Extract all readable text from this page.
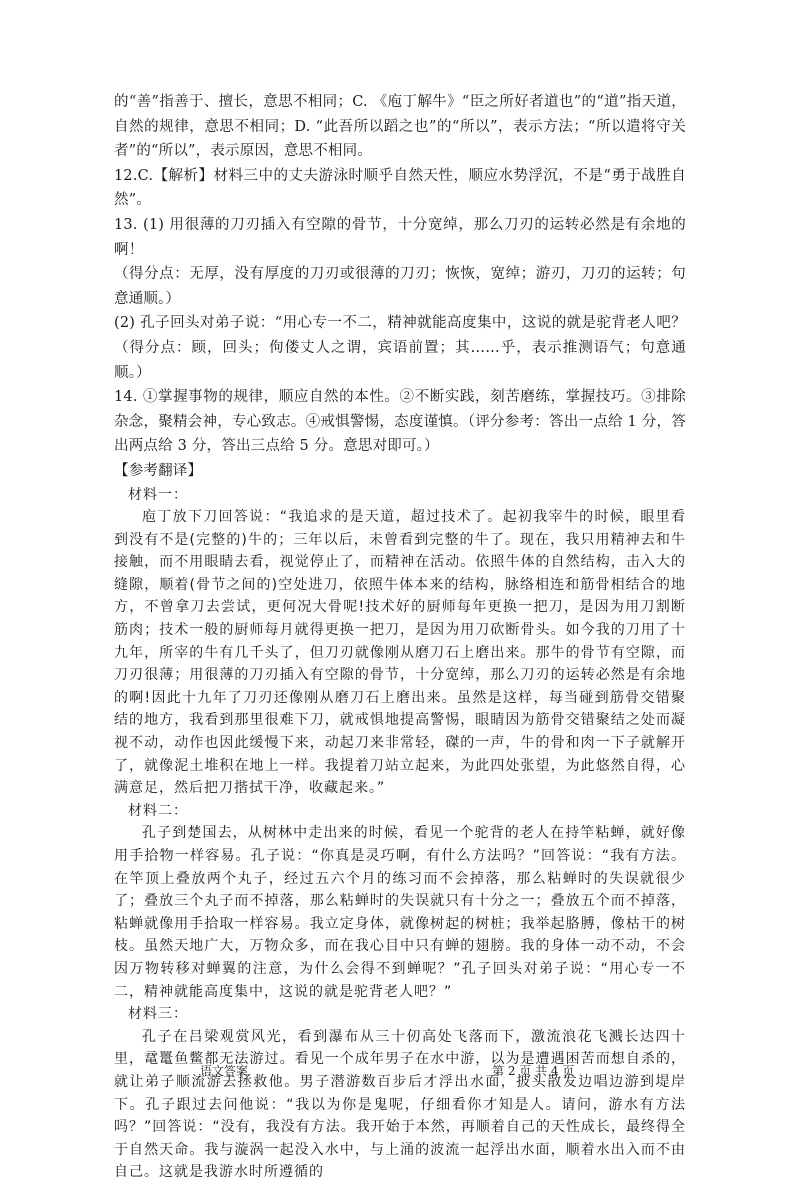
的“善”指善于、擅长，意思不相同；C. 《庖丁解牛》“臣之所好者道也”的“道”指天道，自然的规律，意思不相同；D. “此吾所以蹈之也”的“所以”，表示方法；“所以遣将守关者”的“所以”，表示原因，意思不相同。

12.C.【解析】材料三中的丈夫游泳时顺乎自然天性，顺应水势浮沉，不是“勇于战胜自然”。

13. (1) 用很薄的刀刃插入有空隙的骨节，十分宽绰，那么刀刃的运转必然是有余地的啊！

（得分点：无厚，没有厚度的刀刃或很薄的刀刃；恢恢，宽绰；游刃，刀刃的运转；句意通顺。）

(2) 孔子回头对弟子说：“用心专一不二，精神就能高度集中，这说的就是驼背老人吧？（得分点：顾，回头；佝偻丈人之谓，宾语前置；其……乎，表示推测语气；句意通顺。）

14. ①掌握事物的规律，顺应自然的本性。②不断实践，刻苦磨练，掌握技巧。③排除杂念，聚精会神，专心致志。④戒惧警惕，态度谨慎。（评分参考：答出一点给 1 分，答出两点给 3 分，答出三点给 5 分。意思对即可。）

【参考翻译】

材料一：

庖丁放下刀回答说：“我追求的是天道，超过技术了。起初我宰牛的时候，眼里看到没有不是(完整的)牛的；三年以后，未曾看到完整的牛了。现在，我只用精神去和牛接触，而不用眼睛去看，视觉停止了，而精神在活动。依照牛体的自然结构，击入大的缝隙，顺着(骨节之间的)空处进刀，依照牛体本来的结构，脉络相连和筋骨相结合的地方，不曾拿刀去尝试，更何况大骨呢!技术好的厨师每年更换一把刀，是因为用刀割断筋肉；技术一般的厨师每月就得更换一把刀，是因为用刀砍断骨头。如今我的刀用了十九年，所宰的牛有几千头了，但刀刃就像刚从磨刀石上磨出来。那牛的骨节有空隙，而刀刃很薄；用很薄的刀刃插入有空隙的骨节，十分宽绰，那么刀刃的运转必然是有余地的啊!因此十九年了刀刃还像刚从磨刀石上磨出来。虽然是这样，每当碰到筋骨交错聚结的地方，我看到那里很难下刀，就戒惧地提高警惕，眼睛因为筋骨交错聚结之处而凝视不动，动作也因此缓慢下来，动起刀来非常轻，磔的一声，牛的骨和肉一下子就解开了，就像泥土堆积在地上一样。我提着刀站立起来，为此四处张望，为此悠然自得，心满意足，然后把刀揩拭干净，收藏起来。”

材料二：

孔子到楚国去，从树林中走出来的时候，看见一个驼背的老人在持竿粘蝉，就好像用手拾物一样容易。孔子说：“你真是灵巧啊，有什么方法吗？”回答说：“我有方法。在竿顶上叠放两个丸子，经过五六个月的练习而不会掉落，那么粘蝉时的失误就很少了；叠放三个丸子而不掉落，那么粘蝉时的失误就只有十分之一；叠放五个而不掉落，粘蝉就像用手拾取一样容易。我立定身体，就像树起的树桩；我举起胳膊，像枯干的树枝。虽然天地广大，万物众多，而在我心目中只有蝉的翅膀。我的身体一动不动，不会因万物转移对蝉翼的注意，为什么会得不到蝉呢？”孔子回头对弟子说：“用心专一不二，精神就能高度集中，这说的就是驼背老人吧？”

材料三：

孔子在吕梁观赏风光，看到瀑布从三十仞高处飞落而下，激流浪花飞溅长达四十里，鼋鼍鱼鳖都无法游过。看见一个成年男子在水中游，以为是遭遇困苦而想自杀的，就让弟子顺流游去拯救他。男子潜游数百步后才浮出水面，披头散发边唱边游到堤岸下。孔子跟过去问他说：“我以为你是鬼呢，仔细看你才知是人。请问，游水有方法吗？”回答说：“没有，我没有方法。我开始于本然，再顺着自己的天性成长，最终得全于自然天命。我与漩涡一起没入水中，与上涌的波流一起浮出水面，顺着水出入而不由自己。这就是我游水时所遵循的

语文答案	第 2 页 共 4 页
